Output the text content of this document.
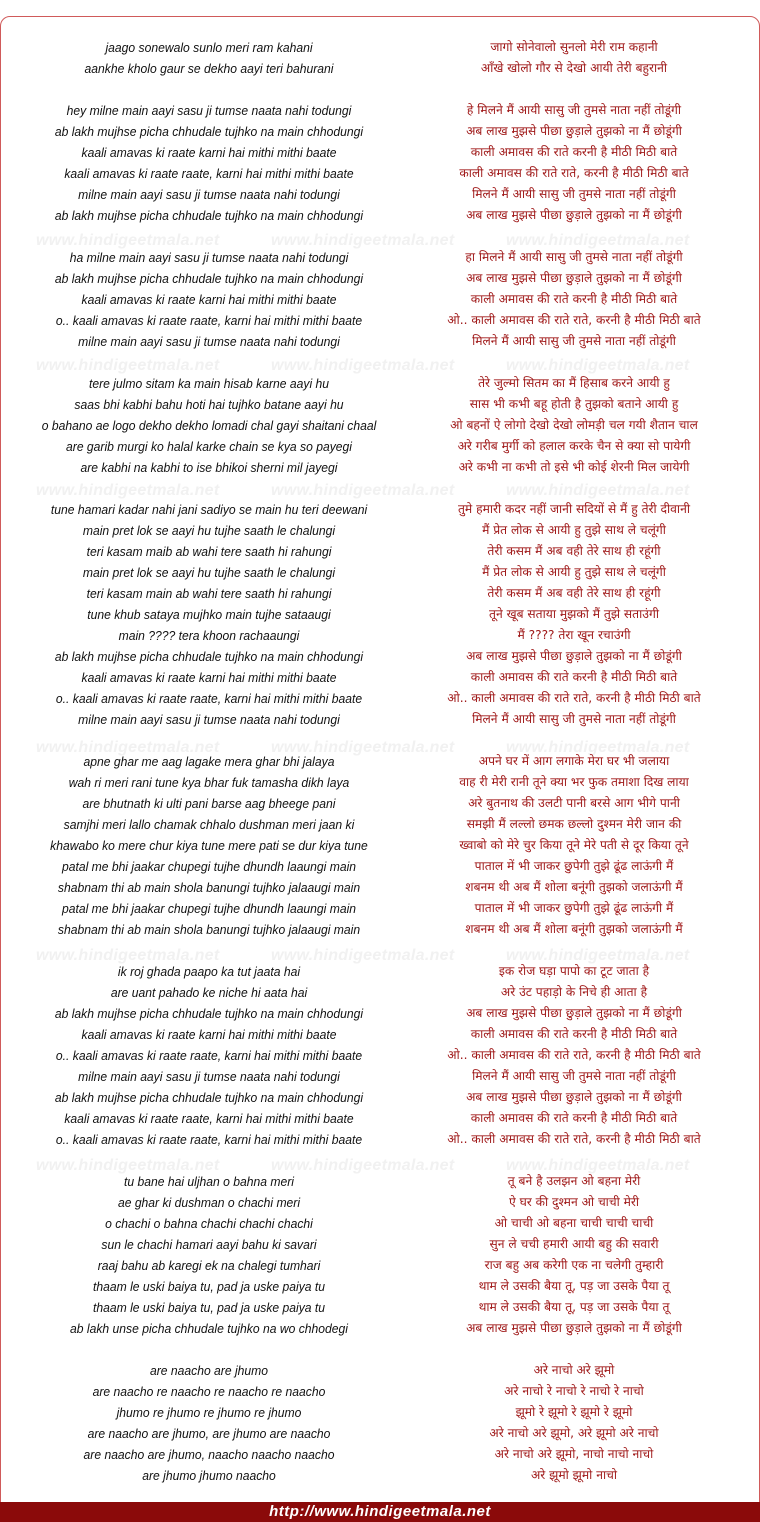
www.hindigeetmala.net	www.hindigeetmala.net	www.hindigeetmala.net
www.hindigeetmala.net	www.hindigeetmala.net	www.hindigeetmala.net
www.hindigeetmala.net	www.hindigeetmala.net	www.hindigeetmala.net
www.hindigeetmala.net	www.hindigeetmala.net	www.hindigeetmala.net
www.hindigeetmala.net	www.hindigeetmala.net	www.hindigeetmala.net
www.hindigeetmala.net	www.hindigeetmala.net	www.hindigeetmala.net
jaago sonewalo sunlo meri ram kahani
aankhe kholo gaur se dekho aayi teri bahurani
hey milne main aayi sasu ji tumse naata nahi todungi
ab lakh mujhse picha chhudale tujhko na main chhodungi
kaali amavas ki raate karni hai mithi mithi baate
kaali amavas ki raate raate, karni hai mithi mithi baate
milne main aayi sasu ji tumse naata nahi todungi
ab lakh mujhse picha chhudale tujhko na main chhodungi
ha milne main aayi sasu ji tumse naata nahi todungi
ab lakh mujhse picha chhudale tujhko na main chhodungi
kaali amavas ki raate karni hai mithi mithi baate
o.. kaali amavas ki raate raate, karni hai mithi mithi baate
milne main aayi sasu ji tumse naata nahi todungi
tere julmo sitam ka main hisab karne aayi hu
saas bhi kabhi bahu hoti hai tujhko batane aayi hu
o bahano ae logo dekho dekho lomadi chal gayi shaitani chaal
are garib murgi ko halal karke chain se kya so payegi
are kabhi na kabhi to ise bhikoi sherni mil jayegi
tune hamari kadar nahi jani sadiyo se main hu teri deewani
main pret lok se aayi hu tujhe saath le chalungi
teri kasam maib ab wahi tere saath hi rahungi
main pret lok se aayi hu tujhe saath le chalungi
teri kasam main ab wahi tere saath hi rahungi
tune khub sataya mujhko main tujhe sataaugi
main ???? tera khoon rachaaungi
ab lakh mujhse picha chhudale tujhko na main chhodungi
kaali amavas ki raate karni hai mithi mithi baate
o.. kaali amavas ki raate raate, karni hai mithi mithi baate
milne main aayi sasu ji tumse naata nahi todungi
apne ghar me aag lagake mera ghar bhi jalaya
wah ri meri rani tune kya bhar fuk tamasha dikh laya
are bhutnath ki ulti pani barse aag bheege pani
samjhi meri lallo chamak chhalo dushman meri jaan ki
khawabo ko mere chur kiya tune mere pati se dur kiya tune
patal me bhi jaakar chupegi tujhe dhundh laaungi main
shabnam thi ab main shola banungi tujhko jalaaugi main
patal me bhi jaakar chupegi tujhe dhundh laaungi main
shabnam thi ab main shola banungi tujhko jalaaugi main
ik roj ghada paapo ka tut jaata hai
are uant pahado ke niche hi aata hai
ab lakh mujhse picha chhudale tujhko na main chhodungi
kaali amavas ki raate karni hai mithi mithi baate
o.. kaali amavas ki raate raate, karni hai mithi mithi baate
milne main aayi sasu ji tumse naata nahi todungi
ab lakh mujhse picha chhudale tujhko na main chhodungi
kaali amavas ki raate raate, karni hai mithi mithi baate
o.. kaali amavas ki raate raate, karni hai mithi mithi baate
tu bane hai uljhan o bahna meri
ae ghar ki dushman o chachi meri
o chachi o bahna chachi chachi chachi
sun le chachi hamari aayi bahu ki savari
raaj bahu ab karegi ek na chalegi tumhari
thaam le uski baiya tu, pad ja uske paiya tu
thaam le uski baiya tu, pad ja uske paiya tu
ab lakh unse picha chhudale tujhko na wo chhodegi
are naacho are jhumo
are naacho re naacho re naacho re naacho
jhumo re jhumo re jhumo re jhumo
are naacho are jhumo, are jhumo are naacho
are naacho are jhumo, naacho naacho naacho
are jhumo jhumo naacho
जागो सोनेवालो सुनलो मेरी राम कहानी
आँखे खोलो गौर से देखो आयी तेरी बहुरानी
हे मिलने मैं आयी सासु जी तुमसे नाता नहीं तोडूंगी
अब लाख मुझसे पीछा छुड़ाले तुझको ना मैं छोडूंगी
काली अमावस की राते करनी है मीठी मिठी बाते
काली अमावस की राते राते, करनी है मीठी मिठी बाते
मिलने मैं आयी सासु जी तुमसे नाता नहीं तोडूंगी
अब लाख मुझसे पीछा छुड़ाले तुझको ना मैं छोडूंगी
हा मिलने मैं आयी सासु जी तुमसे नाता नहीं तोडूंगी
अब लाख मुझसे पीछा छुड़ाले तुझको ना मैं छोडूंगी
काली अमावस की राते करनी है मीठी मिठी बाते
ओ.. काली अमावस की राते राते, करनी है मीठी मिठी बाते
मिलने मैं आयी सासु जी तुमसे नाता नहीं तोडूंगी
तेरे जुल्मो सितम का मैं हिसाब करने आयी हु
सास भी कभी बहू होती है तुझको बताने आयी हु
ओ बहनों ऐ लोगो देखो देखो लोमड़ी चल गयी शैतान चाल
अरे गरीब मुर्गी को हलाल करके चैन से क्या सो पायेगी
अरे कभी ना कभी तो इसे भी कोई शेरनी मिल जायेगी
तुमे हमारी कदर नहीं जानी सदियों से मैं हु तेरी दीवानी
मैं प्रेत लोक से आयी हु तुझे साथ ले चलूंगी
तेरी कसम मैं अब वही तेरे साथ ही रहूंगी
मैं प्रेत लोक से आयी हु तुझे साथ ले चलूंगी
तेरी कसम मैं अब वही तेरे साथ ही रहूंगी
तूने खूब सताया मुझको मैं तुझे सताउंगी
मैं ???? तेरा खून रचाउंगी
अब लाख मुझसे पीछा छुड़ाले तुझको ना मैं छोडूंगी
काली अमावस की राते करनी है मीठी मिठी बाते
ओ.. काली अमावस की राते राते, करनी है मीठी मिठी बाते
मिलने मैं आयी सासु जी तुमसे नाता नहीं तोडूंगी
अपने घर में आग लगाके मेरा घर भी जलाया
वाह री मेरी रानी तूने क्या भर फुक तमाशा दिख लाया
अरे बुतनाथ की उलटी पानी बरसे आग भीगे पानी
समझी मैं लल्लो छमक छल्लो दुश्मन मेरी जान की
ख्वाबो को मेरे चुर किया तूने मेरे पती से दूर किया तूने
पाताल में भी जाकर छुपेगी तुझे ढूंढ लाऊंगी मैं
शबनम थी अब मैं शोला बनूंगी तुझको जलाऊंगी मैं
पाताल में भी जाकर छुपेगी तुझे ढूंढ लाऊंगी मैं
शबनम थी अब मैं शोला बनूंगी तुझको जलाऊंगी मैं
इक रोज घड़ा पापो का टूट जाता है
अरे उंट पहाड़ो के निचे ही आता है
अब लाख मुझसे पीछा छुड़ाले तुझको ना मैं छोडूंगी
काली अमावस की राते करनी है मीठी मिठी बाते
ओ.. काली अमावस की राते राते, करनी है मीठी मिठी बाते
मिलने मैं आयी सासु जी तुमसे नाता नहीं तोडूंगी
अब लाख मुझसे पीछा छुड़ाले तुझको ना मैं छोडूंगी
काली अमावस की राते करनी है मीठी मिठी बाते
ओ.. काली अमावस की राते राते, करनी है मीठी मिठी बाते
तू बने है उलझन ओ बहना मेरी
ऐ घर की दुश्मन ओ चाची मेरी
ओ चाची ओ बहना चाची चाची चाची
सुन ले चची हमारी आयी बहु की सवारी
राज बहु अब करेगी एक ना चलेगी तुम्हारी
थाम ले उसकी बैया तू, पड़ जा उसके पैया तू
थाम ले उसकी बैया तू, पड़ जा उसके पैया तू
अब लाख मुझसे पीछा छुड़ाले तुझको ना मैं छोडूंगी
अरे नाचो अरे झूमो
अरे नाचो रे नाचो रे नाचो रे नाचो
झूमो रे झूमो रे झूमो रे झूमो
अरे नाचो अरे झूमो, अरे झूमो अरे नाचो
अरे नाचो अरे झूमो, नाचो नाचो नाचो
अरे झूमो झूमो नाचो
http://www.hindigeetmala.net
